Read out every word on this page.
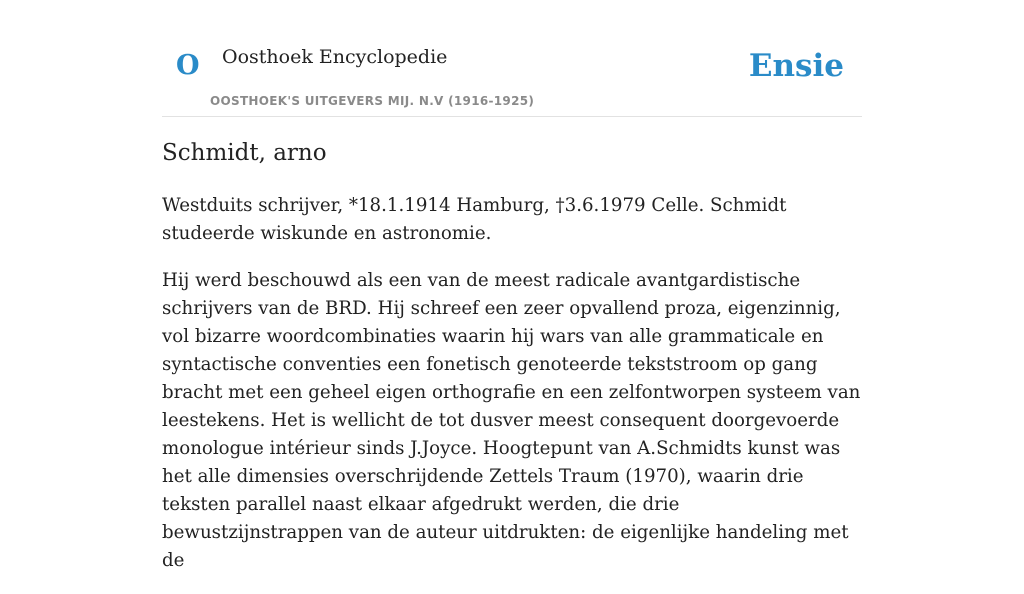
O Oosthoek Encyclopedie
OOSTHOEK'S UITGEVERS MIJ. N.V (1916-1925)
Ensie
Schmidt, arno

Westduits schrijver, *18.1.1914 Hamburg, †3.6.1979 Celle. Schmidt studeerde wiskunde en astronomie.

Hij werd beschouwd als een van de meest radicale avantgardistische schrijvers van de BRD. Hij schreef een zeer opvallend proza, eigenzinnig, vol bizarre woordcombinaties waarin hij wars van alle grammaticale en syntactische conventies een fonetisch genoteerde tekststroom op gang bracht met een geheel eigen orthografie en een zelfontworpen systeem van leestekens. Het is wellicht de tot dusver meest consequent doorgevoerde monologue intérieur sinds J.Joyce. Hoogtepunt van A.Schmidts kunst was het alle dimensies overschrijdende Zettels Traum (1970), waarin drie teksten parallel naast elkaar afgedrukt werden, die drie bewustzijnstrappen van de auteur uitdrukten: de eigenlijke handeling met de
